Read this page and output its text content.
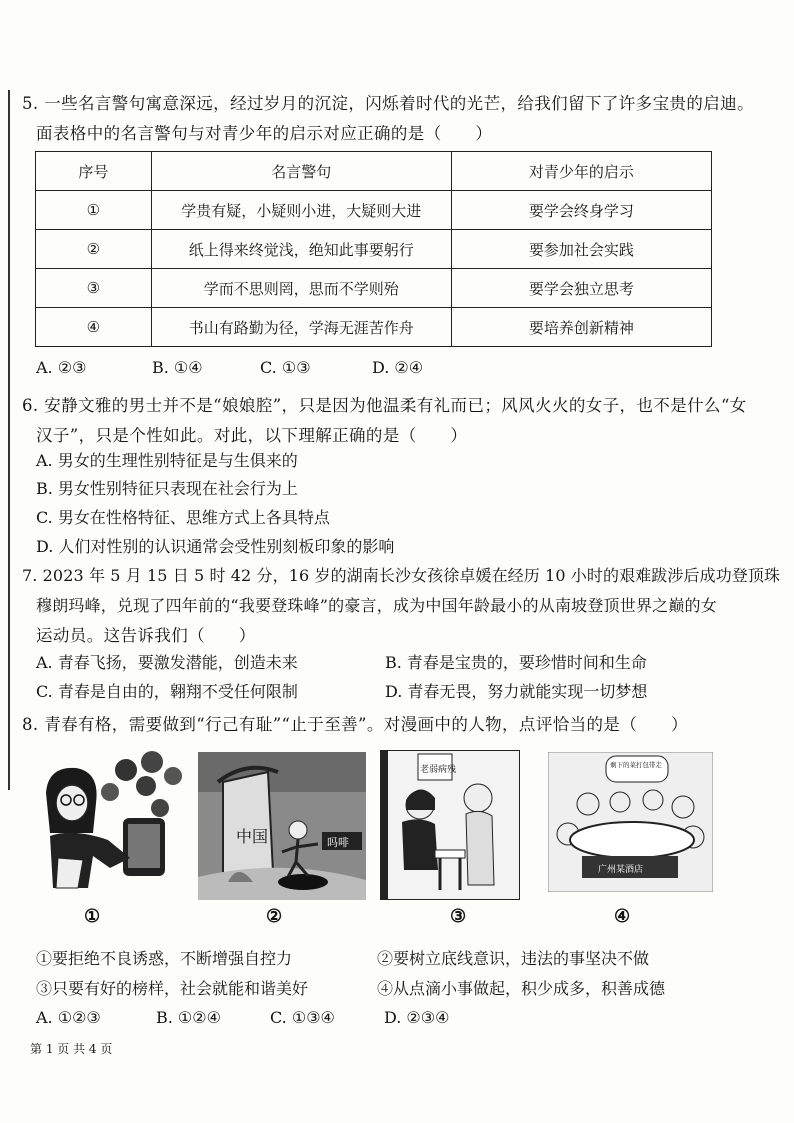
5. 一些名言警句寓意深远，经过岁月的沉淀，闪烁着时代的光芒，给我们留下了许多宝贵的启迪。
面表格中的名言警句与对青少年的启示对应正确的是（　　）
序号	名言警句	对青少年的启示
①	学贵有疑，小疑则小进，大疑则大进	要学会终身学习
②	纸上得来终觉浅，绝知此事要躬行	要参加社会实践
③	学而不思则罔，思而不学则殆	要学会独立思考
④	书山有路勤为径，学海无涯苦作舟	要培养创新精神
A. ②③	B. ①④	C. ①③	D. ②④
6. 安静文雅的男士并不是“娘娘腔”，只是因为他温柔有礼而已；风风火火的女子，也不是什么“女
汉子”，只是个性如此。对此，以下理解正确的是（　　）
A. 男女的生理性别特征是与生俱来的
B. 男女性别特征只表现在社会行为上
C. 男女在性格特征、思维方式上各具特点
D. 人们对性别的认识通常会受性别刻板印象的影响
7. 2023 年 5 月 15 日 5 时 42 分，16 岁的湖南长沙女孩徐卓媛在经历 10 小时的艰难跋涉后成功登顶珠
穆朗玛峰，兑现了四年前的“我要登珠峰”的豪言，成为中国年龄最小的从南坡登顶世界之巅的女
运动员。这告诉我们（　　）
A. 青春飞扬，要激发潜能，创造未来	B. 青春是宝贵的，要珍惜时间和生命
C. 青春是自由的，翱翔不受任何限制	D. 青春无畏，努力就能实现一切梦想
8. 青春有格，需要做到“行己有耻”“止于至善”。对漫画中的人物，点评恰当的是（　　）
中国	吗啡
老弱病残	剩下的菜打包带走
广州某酒店
①	②	③	④
①要拒绝不良诱惑，不断增强自控力	②要树立底线意识，违法的事坚决不做
③只要有好的榜样，社会就能和谐美好	④从点滴小事做起，积少成多，积善成德
A. ①②③	B. ①②④	C. ①③④	D. ②③④
第 1 页 共 4 页
